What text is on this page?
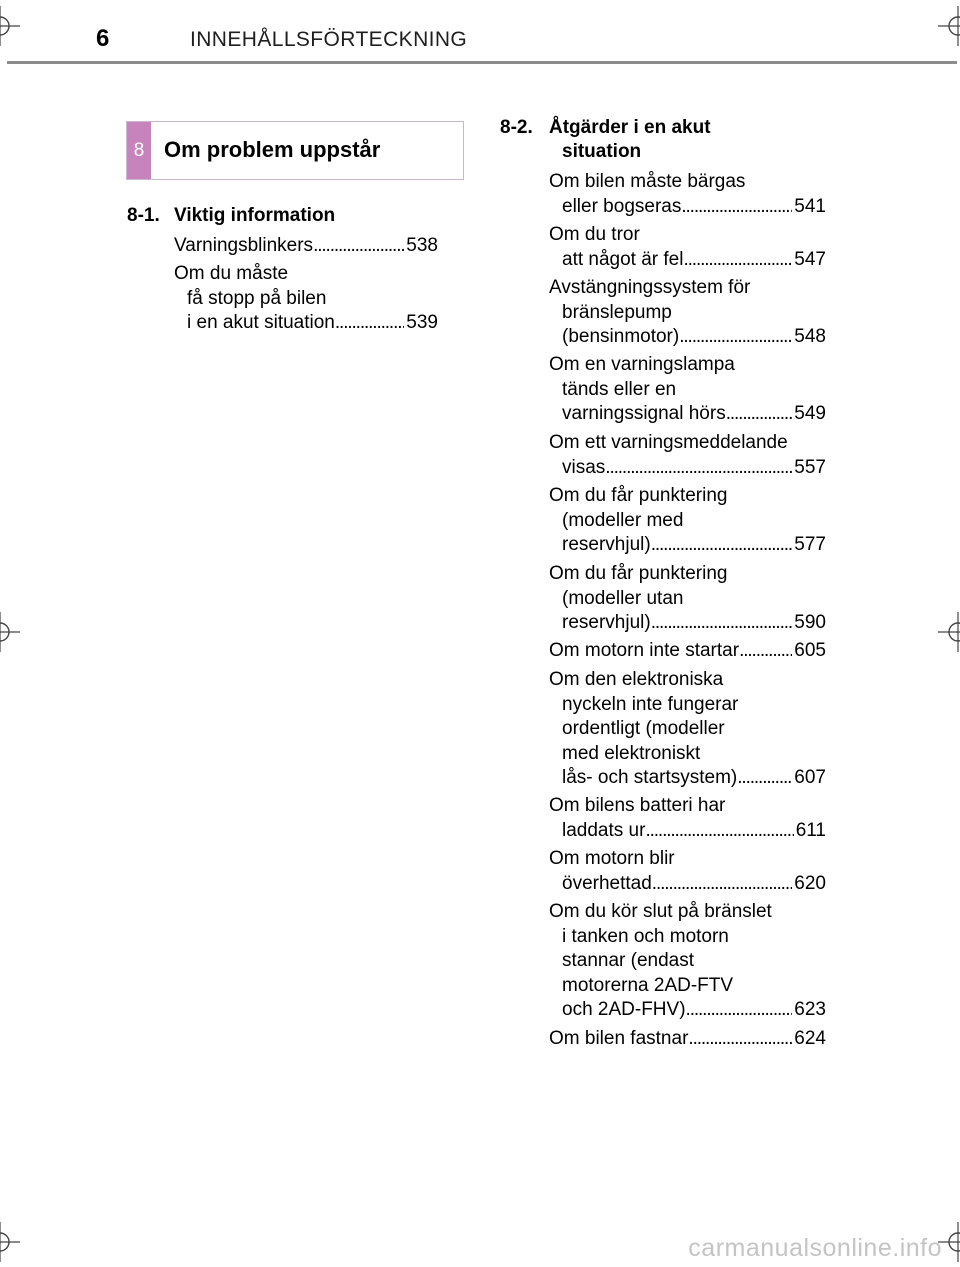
6	INNEHÅLLSFÖRTECKNING
8 Om problem uppstår
8-1. Viktig information
Varningsblinkers . . .	538
Om du måste
få stopp på bilen
i en akut situation . . .	539
8-2. Åtgärder i en akut
situation
Om bilen måste bärgas
eller bogseras . . .	541
Om du tror
att något är fel . . .	547
Avstängningssystem för
bränslepump
(bensinmotor) . . .	548
Om en varningslampa
tänds eller en
varningssignal hörs . . .	549
Om ett varningsmeddelande
visas . . .	557
Om du får punktering
(modeller med
reservhjul) . . .	577
Om du får punktering
(modeller utan
reservhjul) . . .	590
Om motorn inte startar . . .	605
Om den elektroniska
nyckeln inte fungerar
ordentligt (modeller
med elektroniskt
lås- och startsystem) . . .	607
Om bilens batteri har
laddats ur . . .	611
Om motorn blir
överhettad . . .	620
Om du kör slut på bränslet
i tanken och motorn
stannar (endast
motorerna 2AD-FTV
och 2AD-FHV) . . .	623
Om bilen fastnar . . .	624
carmanualsonline.info
